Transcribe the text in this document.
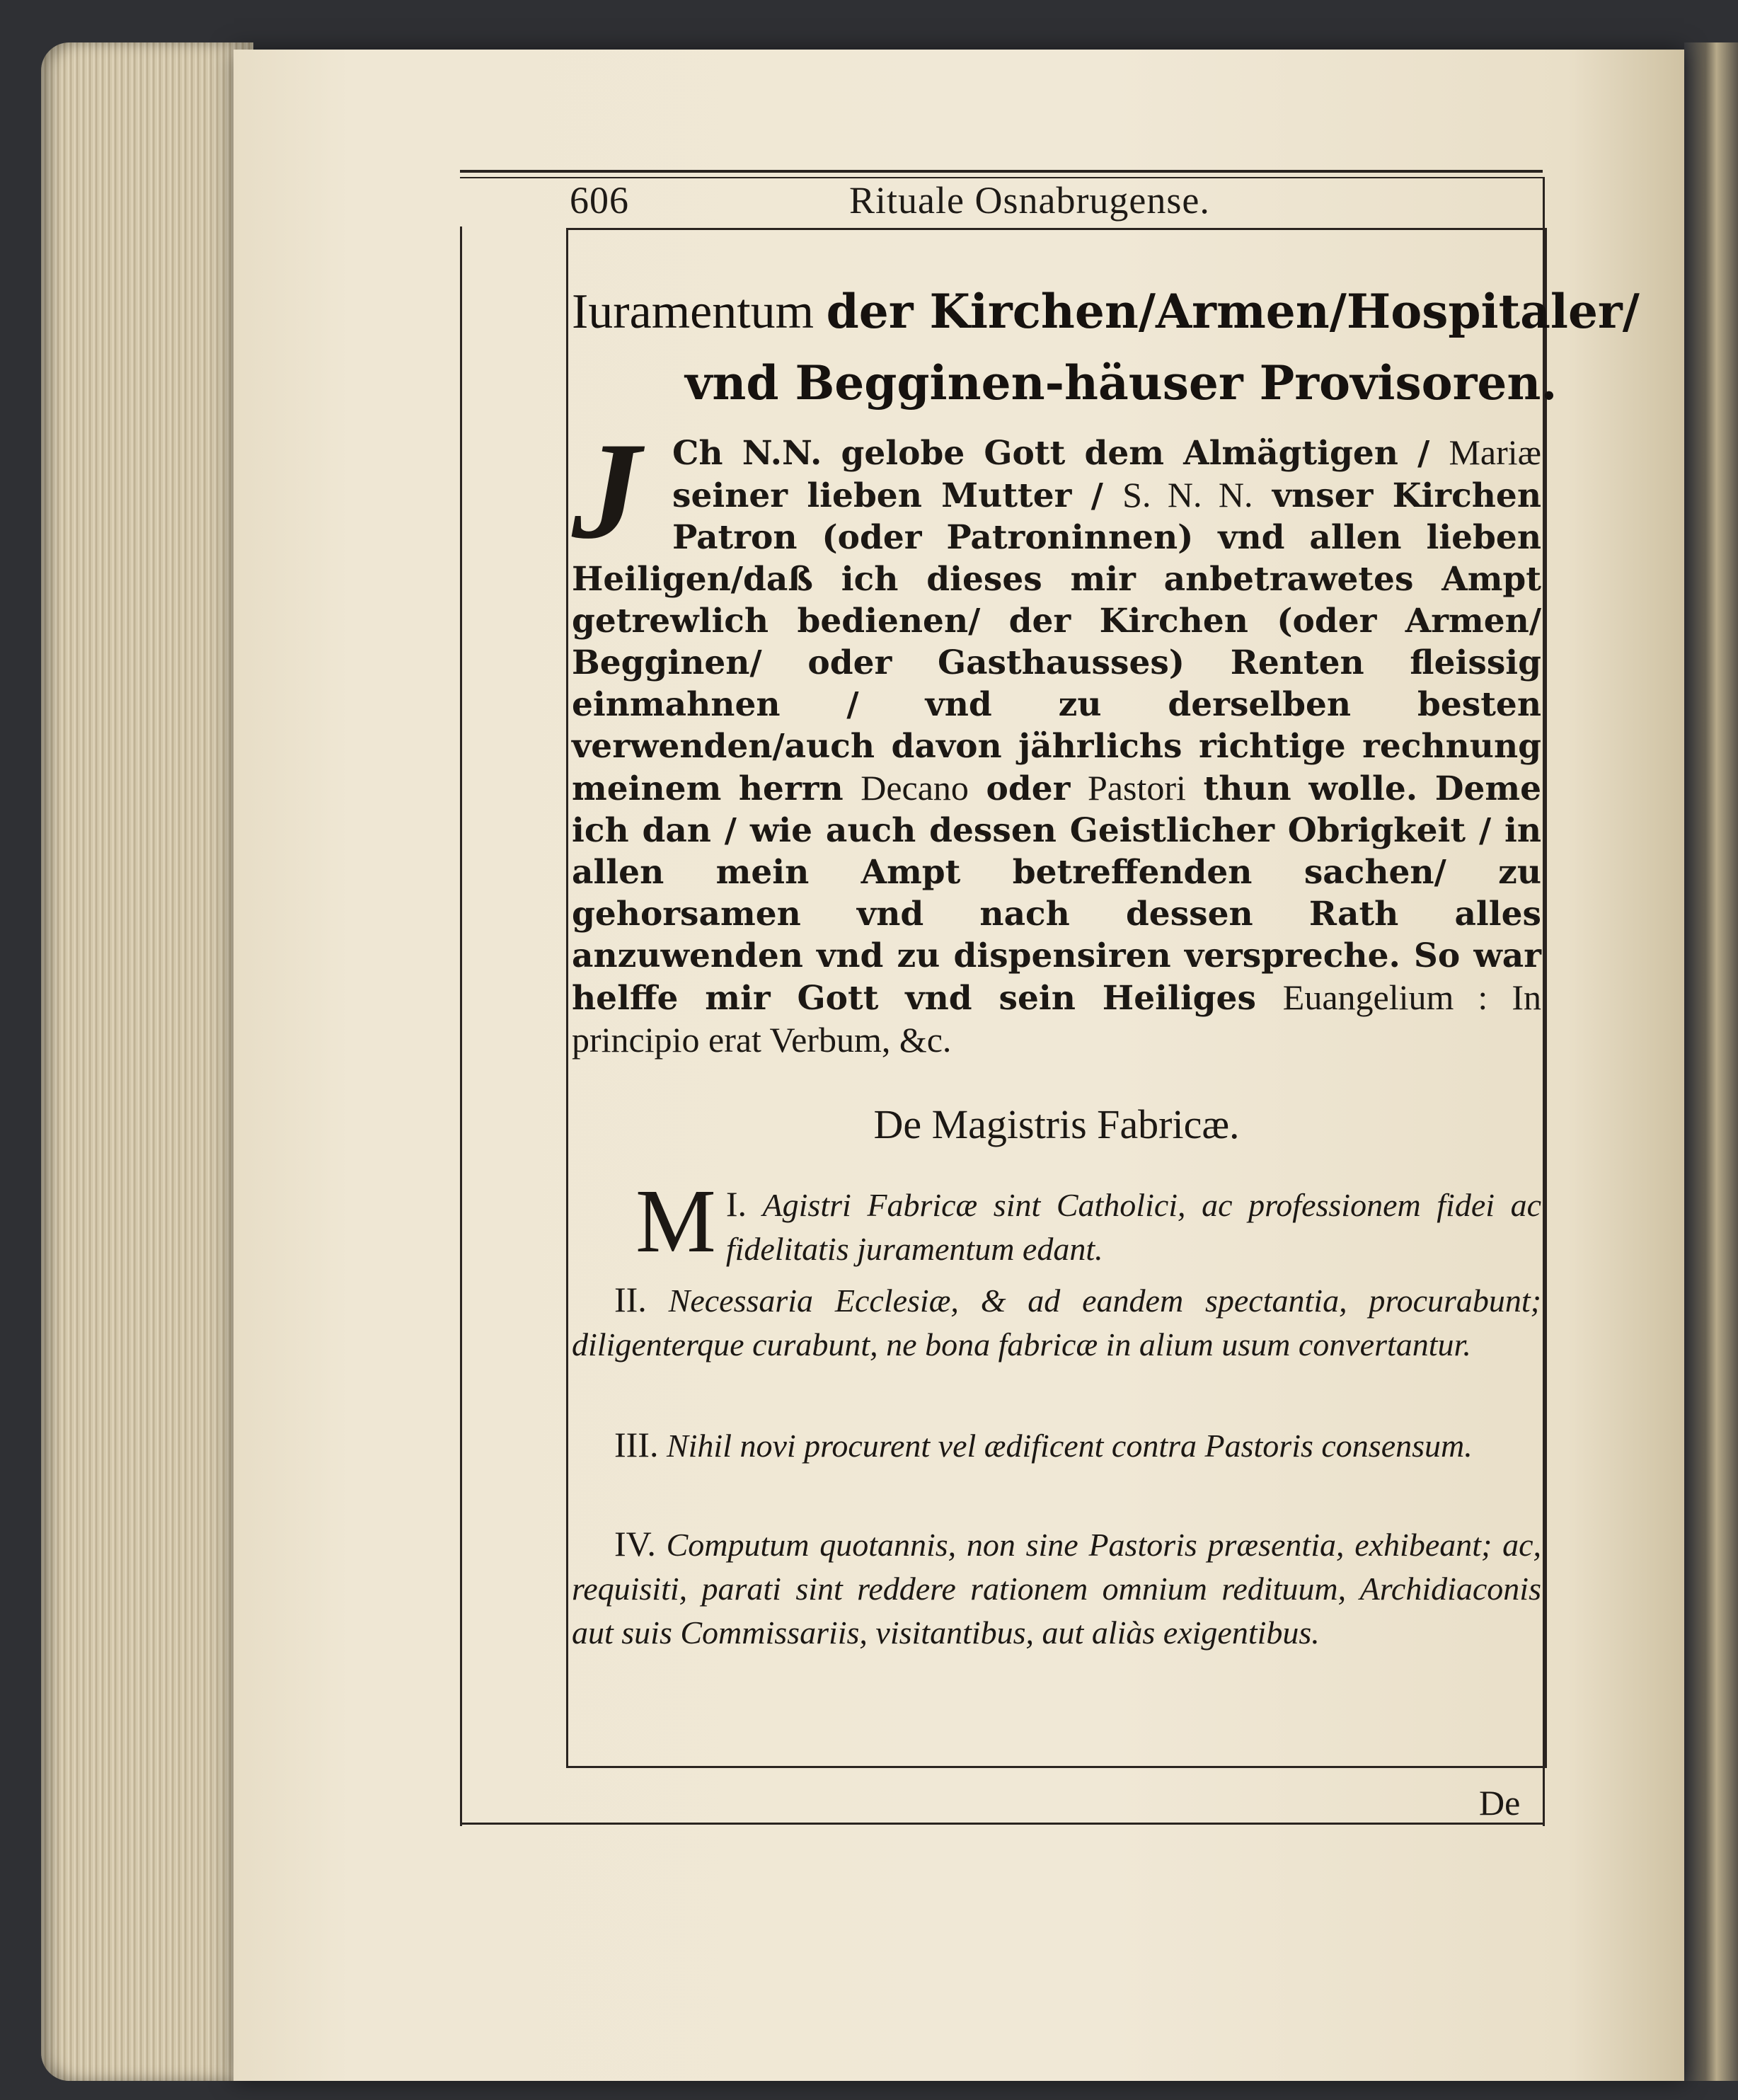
606	Rituale Osnabrugense.
Iuramentum der Kirchen/Armen/Hospitaler/
vnd Begginen-häuser Provisoren.
J Ch N.N. gelobe Gott dem Almägtigen / Mariæ seiner lieben Mutter / S. N. N. vnser Kirchen Patron (oder Patroninnen) vnd allen lieben Heiligen/daß ich dieses mir anbetrawetes Ampt getrewlich bedienen/ der Kirchen (oder Armen/ Begginen/ oder Gasthausses) Renten fleissig einmahnen / vnd zu derselben besten verwenden/auch davon jährlichs richtige rechnung meinem herrn Decano oder Pastori thun wolle. Deme ich dan / wie auch dessen Geistlicher Obrigkeit / in allen mein Ampt betreffenden sachen/ zu gehorsamen vnd nach dessen Rath alles anzuwenden vnd zu dispensiren verspreche. So war helffe mir Gott vnd sein Heiliges Euangelium : In principio erat Verbum, &c.
De Magistris Fabricæ.
I.
M Agistri Fabricæ sint Catholici, ac professionem fidei ac fidelitatis juramentum edant.
II. Necessaria Ecclesiæ, & ad eandem spectantia, procurabunt; diligenterque curabunt, ne bona fabricæ in alium usum convertantur.
III. Nihil novi procurent vel ædificent contra Pastoris consensum.
IV. Computum quotannis, non sine Pastoris præsentia, exhibeant; ac, requisiti, parati sint reddere rationem omnium redituum, Archidiaconis aut suis Commissariis, visitantibus, aut aliàs exigentibus.
De
